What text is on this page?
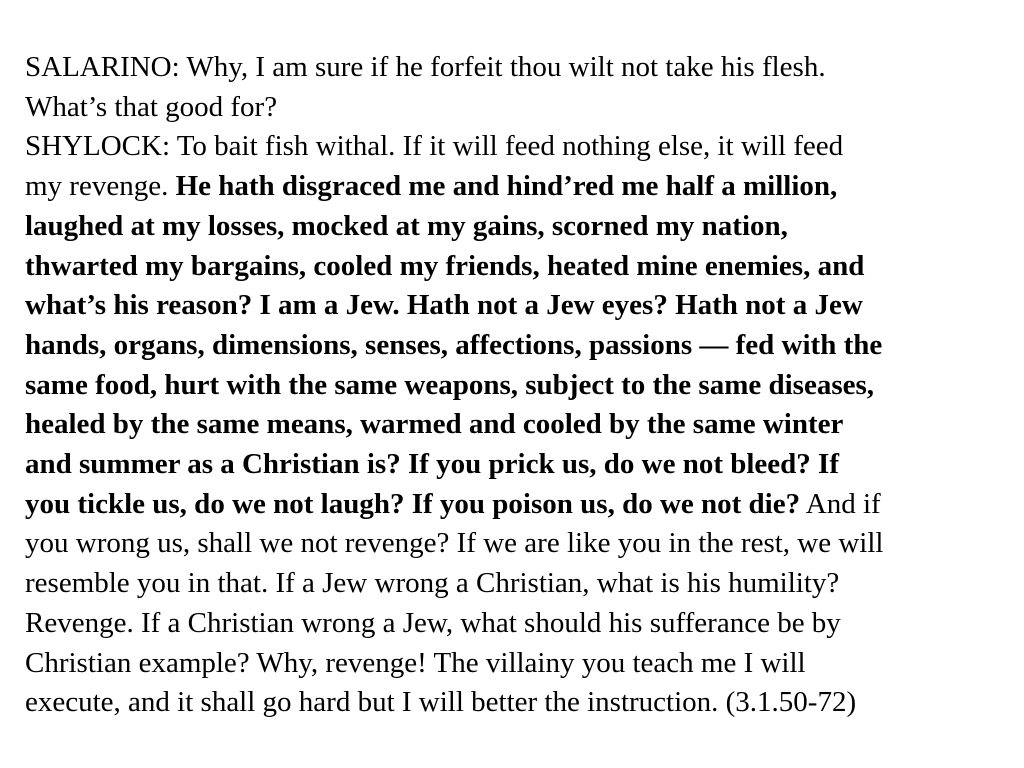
SALARINO: Why, I am sure if he forfeit thou wilt not take his flesh.
What’s that good for?
SHYLOCK: To bait fish withal. If it will feed nothing else, it will feed
my revenge. He hath disgraced me and hind’red me half a million,
laughed at my losses, mocked at my gains, scorned my nation,
thwarted my bargains, cooled my friends, heated mine enemies, and
what’s his reason? I am a Jew. Hath not a Jew eyes? Hath not a Jew
hands, organs, dimensions, senses, affections, passions — fed with the
same food, hurt with the same weapons, subject to the same diseases,
healed by the same means, warmed and cooled by the same winter
and summer as a Christian is? If you prick us, do we not bleed? If
you tickle us, do we not laugh? If you poison us, do we not die? And if
you wrong us, shall we not revenge? If we are like you in the rest, we will
resemble you in that. If a Jew wrong a Christian, what is his humility?
Revenge. If a Christian wrong a Jew, what should his sufferance be by
Christian example? Why, revenge! The villainy you teach me I will
execute, and it shall go hard but I will better the instruction. (3.1.50-72)
